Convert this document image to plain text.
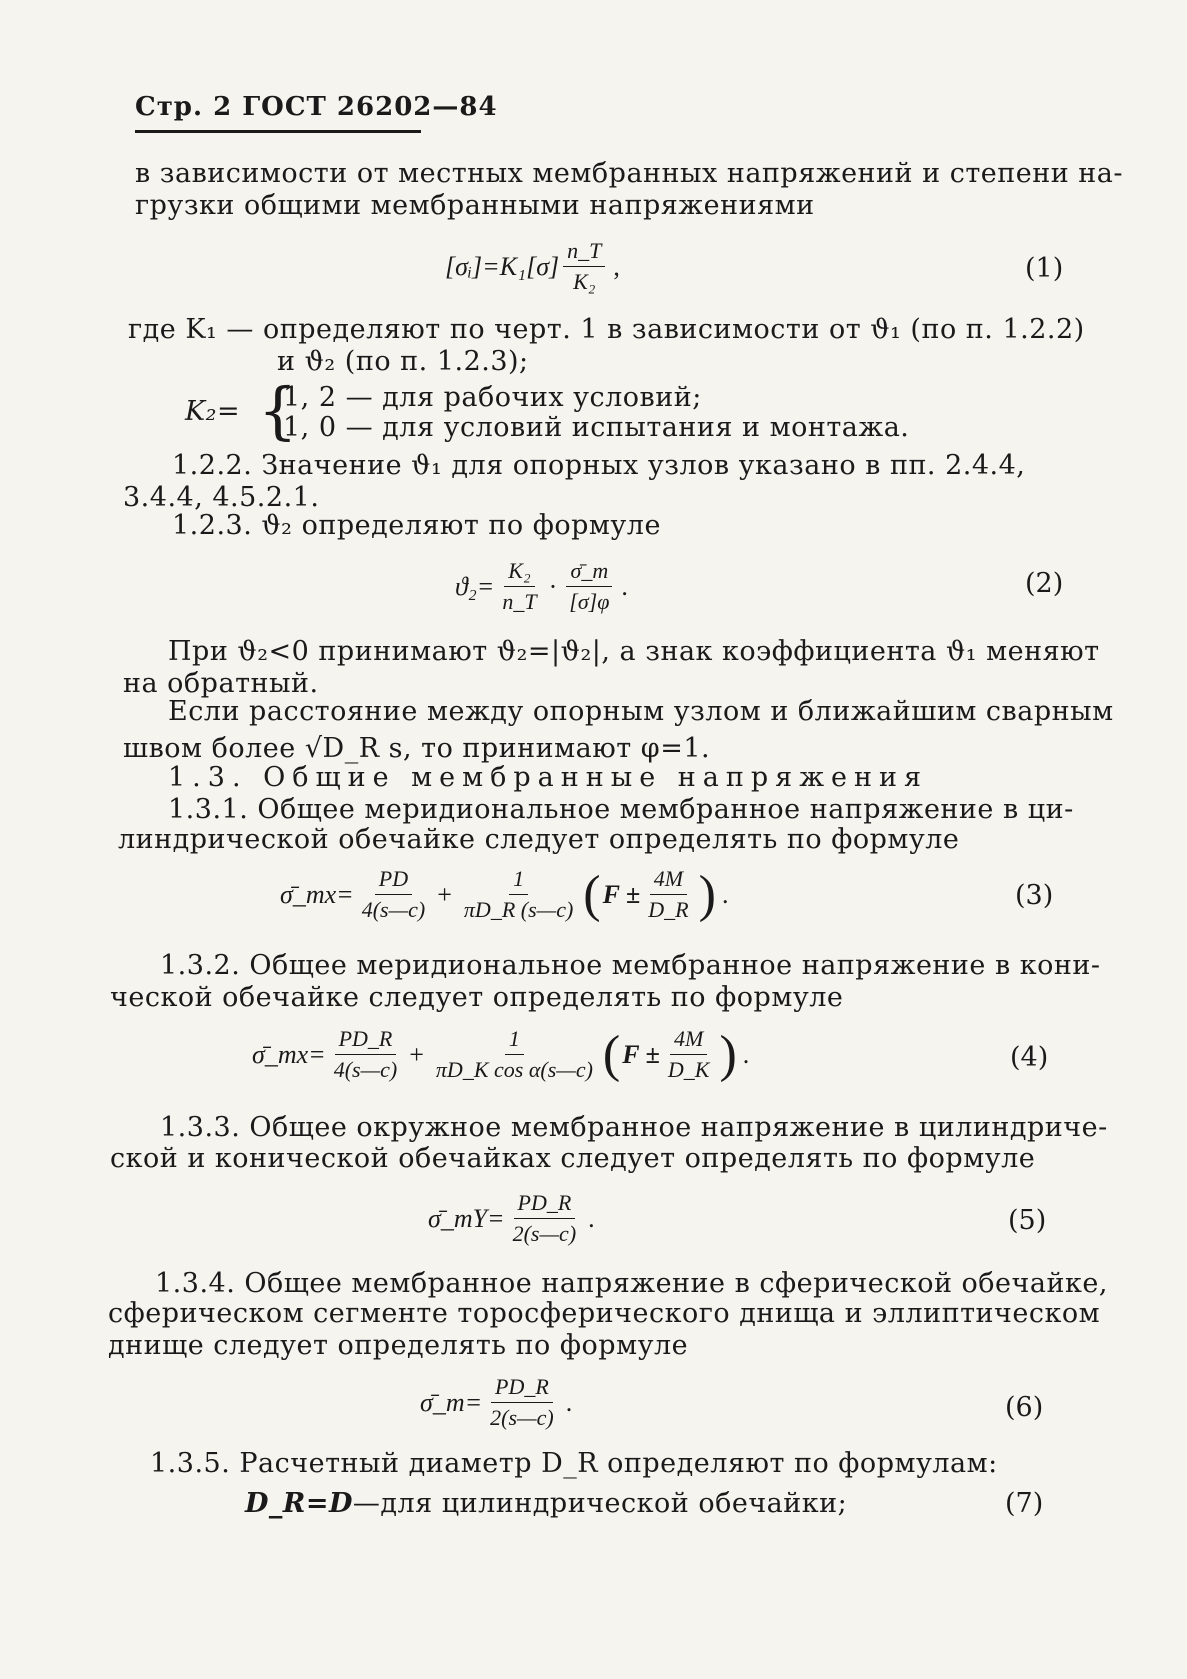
Стр. 2 ГОСТ 26202—84
в зависимости от местных мембранных напряжений и степени на-
грузки общими мембранными напряжениями
[σᵢ]=K₁[σ] $\frac{n\_T}{\text{K₂}}$ ,	(1)
где K₁ — определяют по черт. 1 в зависимости от ϑ₁ (по п. 1.2.2)
и ϑ₂ (по п. 1.2.3);
K₂= {
1, 2 — для рабочих условий;
1, 0 — для условий испытания и монтажа.
1.2.2. Значение ϑ₁ для опорных узлов указано в пп. 2.4.4,
3.4.4, 4.5.2.1.
1.2.3. ϑ₂ определяют по формуле
$ϑ_2= \frac{\text{K₂}}{n\_T} \cdot \frac{\sigmā\_m}{[\sigma]\varphi}$ .	(2)
При ϑ₂<0 принимают ϑ₂=|ϑ₂|, а знак коэффициента ϑ₁ меняют
на обратный.
Если расстояние между опорным узлом и ближайшим сварным
швом более √D_R s, то принимают φ=1.
1.3. Общие мембранные напряжения
1.3.1. Общее меридиональное мембранное напряжение в ци-
линдрической обечайке следует определять по формуле
σ̄_mx= $\frac{PD}{4(s—c)} + \frac{1}{\pi D\_R (s—c)}$ ( $F \pm \frac{4M}{D\_R}$ ) .	(3)
1.3.2. Общее меридиональное мембранное напряжение в кони-
ческой обечайке следует определять по формуле
σ̄_mx= $\frac{PD\_R}{4(s—c)} + \frac{1}{\text{πD\_K cos α(s—c)}}$ ( $F \pm \frac{4M}{D\_K}$ ) .	(4)
1.3.3. Общее окружное мембранное напряжение в цилиндриче-
ской и конической обечайках следует определять по формуле
σ̄_mY= $\frac{PD\_R}{2(s—c)}$ .	(5)
1.3.4. Общее мембранное напряжение в сферической обечайке,
сферическом сегменте торосферического днища и эллиптическом
днище следует определять по формуле
σ̄_m= $\frac{PD\_R}{2(s—c)}$ .	(6)
1.3.5. Расчетный диаметр D_R определяют по формулам:
D_R=D—для цилиндрической обечайки;	(7)
